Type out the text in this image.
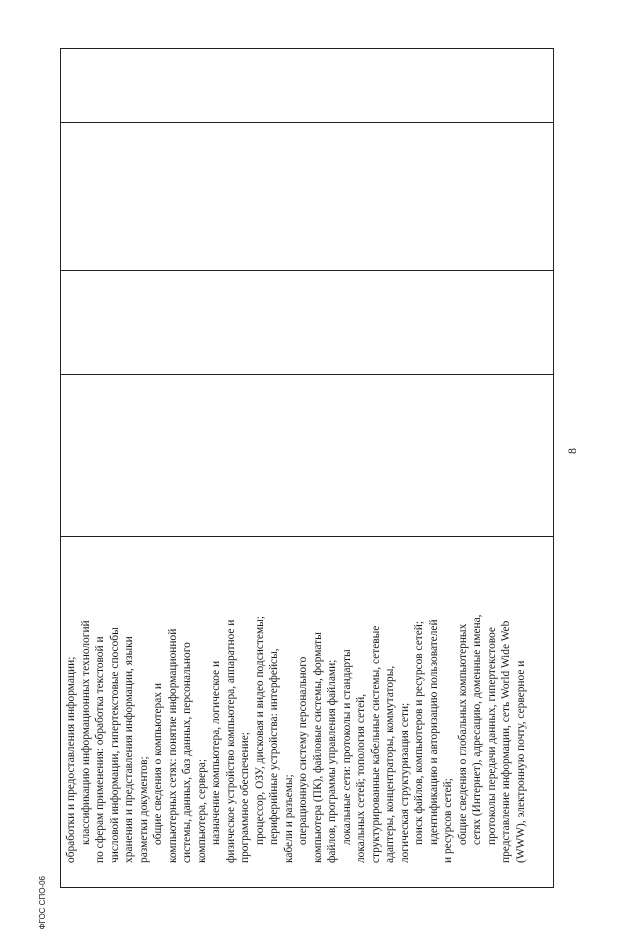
обработки и предоставления информации; классификацию информационных технологий по сферам применения: обработка текстовой и числовой информации, гипертекстовые способы хранения и представления информации, языки разметки документов; общие сведения о компьютерах и компьютерных сетях: понятие информационной системы, данных, баз данных, персонального компьютера, сервера; назначение компьютера, логическое и физическое устройство компьютера, аппаратное и программное обеспечение; процессор, ОЗУ, дисковая и видео подсистемы; периферийные устройства: интерфейсы, кабели и разъемы; операционную систему персонального компьютера (ПК), файловые системы, форматы файлов, программы управления файлами; локальные сети: протоколы и стандарты локальных сетей; топология сетей, структурированные кабельные системы, сетевые адаптеры, концентраторы, коммутаторы, логическая структуризация сети; поиск файлов, компьютеров и ресурсов сетей; идентификацию и авторизацию пользователей и ресурсов сетей; общие сведения о глобальных компьютерных сетях (Интернет), адресацию, доменные имена, протоколы передачи данных, гипертекстовое представление информации, сеть World Wide Web (WWW), электронную почту, серверное и
8
ФГОС СПО-06
